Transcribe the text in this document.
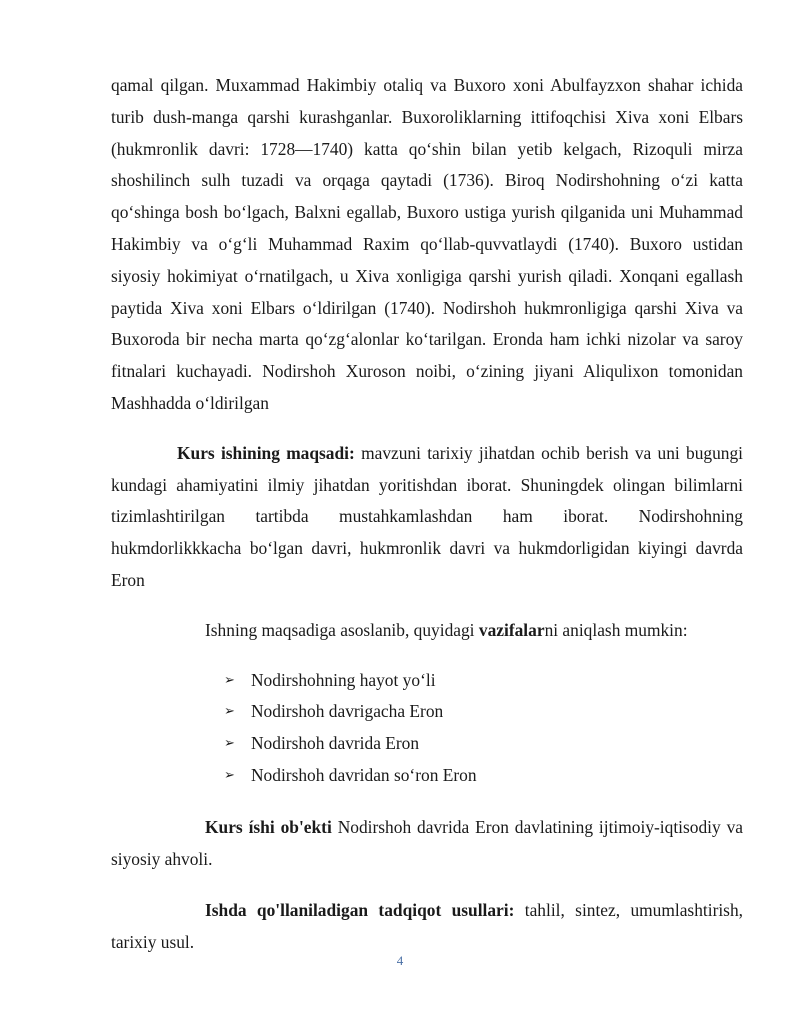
qamal qilgan. Muxammad Hakimbiy otaliq va Buxoro xoni Abulfayzxon shahar ichida turib dush-manga qarshi kurashganlar. Buxoroliklarning ittifoqchisi Xiva xoni Elbars (hukmronlik davri: 1728—1740) katta qo‘shin bilan yetib kelgach, Rizoquli mirza shoshilinch sulh tuzadi va orqaga qaytadi (1736). Biroq Nodirshohning o‘zi katta qo‘shinga bosh bo‘lgach, Balxni egallab, Buxoro ustiga yurish qilganida uni Muhammad Hakimbiy va o‘g‘li Muhammad Raxim qo‘llab-quvvatlaydi (1740). Buxoro ustidan siyosiy hokimiyat o‘rnatilgach, u Xiva xonligiga qarshi yurish qiladi. Xonqani egallash paytida Xiva xoni Elbars o‘ldirilgan (1740). Nodirshoh hukmronligiga qarshi Xiva va Buxoroda bir necha marta qo‘zg‘alonlar ko‘tarilgan. Eronda ham ichki nizolar va saroy fitnalari kuchayadi. Nodirshoh Xuroson noibi, o‘zining jiyani Aliqulixon tomonidan Mashhadda o‘ldirilgan

Kurs ishining maqsadi: mavzuni tarixiy jihatdan ochib berish va uni bugungi kundagi ahamiyatini ilmiy jihatdan yoritishdan iborat. Shuningdek olingan bilimlarni tizimlashtirilgan tartibda mustahkamlashdan ham iborat. Nodirshohning hukmdorlikkkacha bo‘lgan davri, hukmronlik davri va hukmdorligidan kiyingi davrda Eron

Ishning maqsadiga asoslanib, quyidagi vazifalarni aniqlash mumkin:

➢ Nodirshohning hayot yo‘li
➢ Nodirshoh davrigacha Eron
➢ Nodirshoh davrida Eron
➢ Nodirshoh davridan so‘ron Eron

Kurs íshi ob'ekti Nodirshoh davrida Eron davlatining ijtimoiy-iqtisodiy va siyosiy ahvoli.

Ishda qo'llaniladigan tadqiqot usullari: tahlil, sintez, umumlashtirish, tarixiy usul.

4
